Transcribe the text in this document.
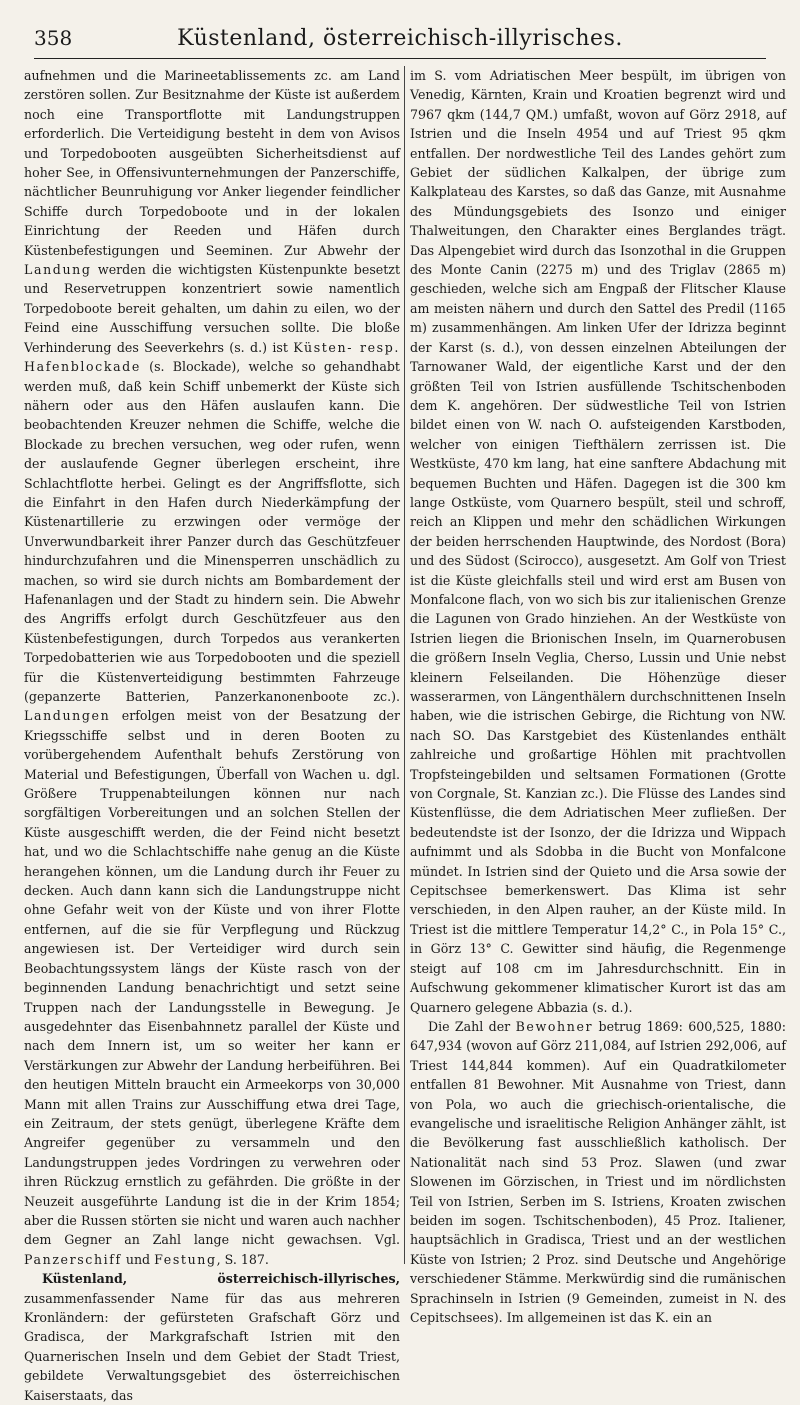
358	Küstenland, österreichisch-illyrisches.

aufnehmen und die Marineetablissements zc. am Land zerstören sollen. Zur Besitznahme der Küste ist außerdem noch eine Transportflotte mit Landungstruppen erforderlich. Die Verteidigung besteht in dem von Avisos und Torpedobooten ausgeübten Sicherheitsdienst auf hoher See, in Offensivunternehmungen der Panzerschiffe, nächtlicher Beunruhigung vor Anker liegender feindlicher Schiffe durch Torpedoboote und in der lokalen Einrichtung der Reeden und Häfen durch Küstenbefestigungen und Seeminen. Zur Abwehr der Landung werden die wichtigsten Küstenpunkte besetzt und Reservetruppen konzentriert sowie namentlich Torpedoboote bereit gehalten, um dahin zu eilen, wo der Feind eine Ausschiffung versuchen sollte. Die bloße Verhinderung des Seeverkehrs (s. d.) ist Küsten- resp. Hafenblockade (s. Blockade), welche so gehandhabt werden muß, daß kein Schiff unbemerkt der Küste sich nähern oder aus den Häfen auslaufen kann. Die beobachtenden Kreuzer nehmen die Schiffe, welche die Blockade zu brechen versuchen, weg oder rufen, wenn der auslaufende Gegner überlegen erscheint, ihre Schlachtflotte herbei. Gelingt es der Angriffsflotte, sich die Einfahrt in den Hafen durch Niederkämpfung der Küstenartillerie zu erzwingen oder vermöge der Unverwundbarkeit ihrer Panzer durch das Geschützfeuer hindurchzufahren und die Minensperren unschädlich zu machen, so wird sie durch nichts am Bombardement der Hafenanlagen und der Stadt zu hindern sein. Die Abwehr des Angriffs erfolgt durch Geschützfeuer aus den Küstenbefestigungen, durch Torpedos aus verankerten Torpedobatterien wie aus Torpedobooten und die speziell für die Küstenverteidigung bestimmten Fahrzeuge (gepanzerte Batterien, Panzerkanonenboote zc.). Landungen erfolgen meist von der Besatzung der Kriegsschiffe selbst und in deren Booten zu vorübergehendem Aufenthalt behufs Zerstörung von Material und Befestigungen, Überfall von Wachen u. dgl. Größere Truppenabteilungen können nur nach sorgfältigen Vorbereitungen und an solchen Stellen der Küste ausgeschifft werden, die der Feind nicht besetzt hat, und wo die Schlachtschiffe nahe genug an die Küste herangehen können, um die Landung durch ihr Feuer zu decken. Auch dann kann sich die Landungstruppe nicht ohne Gefahr weit von der Küste und von ihrer Flotte entfernen, auf die sie für Verpflegung und Rückzug angewiesen ist. Der Verteidiger wird durch sein Beobachtungssystem längs der Küste rasch von der beginnenden Landung benachrichtigt und setzt seine Truppen nach der Landungsstelle in Bewegung. Je ausgedehnter das Eisenbahnnetz parallel der Küste und nach dem Innern ist, um so weiter her kann er Verstärkungen zur Abwehr der Landung herbeiführen. Bei den heutigen Mitteln braucht ein Armeekorps von 30,000 Mann mit allen Trains zur Ausschiffung etwa drei Tage, ein Zeitraum, der stets genügt, überlegene Kräfte dem Angreifer gegenüber zu versammeln und den Landungstruppen jedes Vordringen zu verwehren oder ihren Rückzug ernstlich zu gefährden. Die größte in der Neuzeit ausgeführte Landung ist die in der Krim 1854; aber die Russen störten sie nicht und waren auch nachher dem Gegner an Zahl lange nicht gewachsen. Vgl. Panzerschiff und Festung, S. 187.

Küstenland, österreichisch-illyrisches, zusammenfassender Name für das aus mehreren Kronländern: der gefürsteten Grafschaft Görz und Gradisca, der Markgrafschaft Istrien mit den Quarnerischen Inseln und dem Gebiet der Stadt Triest, gebildete Verwaltungsgebiet des österreichischen Kaiserstaats, das

im S. vom Adriatischen Meer bespült, im übrigen von Venedig, Kärnten, Krain und Kroatien begrenzt wird und 7967 qkm (144,7 QM.) umfaßt, wovon auf Görz 2918, auf Istrien und die Inseln 4954 und auf Triest 95 qkm entfallen. Der nordwestliche Teil des Landes gehört zum Gebiet der südlichen Kalkalpen, der übrige zum Kalkplateau des Karstes, so daß das Ganze, mit Ausnahme des Mündungsgebiets des Isonzo und einiger Thalweitungen, den Charakter eines Berglandes trägt. Das Alpengebiet wird durch das Isonzothal in die Gruppen des Monte Canin (2275 m) und des Triglav (2865 m) geschieden, welche sich am Engpaß der Flitscher Klause am meisten nähern und durch den Sattel des Predil (1165 m) zusammenhängen. Am linken Ufer der Idrizza beginnt der Karst (s. d.), von dessen einzelnen Abteilungen der Tarnowaner Wald, der eigentliche Karst und der den größten Teil von Istrien ausfüllende Tschitschenboden dem K. angehören. Der südwestliche Teil von Istrien bildet einen von W. nach O. aufsteigenden Karstboden, welcher von einigen Tiefthälern zerrissen ist. Die Westküste, 470 km lang, hat eine sanftere Abdachung mit bequemen Buchten und Häfen. Dagegen ist die 300 km lange Ostküste, vom Quarnero bespült, steil und schroff, reich an Klippen und mehr den schädlichen Wirkungen der beiden herrschenden Hauptwinde, des Nordost (Bora) und des Südost (Scirocco), ausgesetzt. Am Golf von Triest ist die Küste gleichfalls steil und wird erst am Busen von Monfalcone flach, von wo sich bis zur italienischen Grenze die Lagunen von Grado hinziehen. An der Westküste von Istrien liegen die Brionischen Inseln, im Quarnerobusen die größern Inseln Veglia, Cherso, Lussin und Unie nebst kleinern Felseilanden. Die Höhenzüge dieser wasserarmen, von Längenthälern durchschnittenen Inseln haben, wie die istrischen Gebirge, die Richtung von NW. nach SO. Das Karstgebiet des Küstenlandes enthält zahlreiche und großartige Höhlen mit prachtvollen Tropfsteingebilden und seltsamen Formationen (Grotte von Corgnale, St. Kanzian zc.). Die Flüsse des Landes sind Küstenflüsse, die dem Adriatischen Meer zufließen. Der bedeutendste ist der Isonzo, der die Idrizza und Wippach aufnimmt und als Sdobba in die Bucht von Monfalcone mündet. In Istrien sind der Quieto und die Arsa sowie der Cepitschsee bemerkenswert. Das Klima ist sehr verschieden, in den Alpen rauher, an der Küste mild. In Triest ist die mittlere Temperatur 14,2° C., in Pola 15° C., in Görz 13° C. Gewitter sind häufig, die Regenmenge steigt auf 108 cm im Jahresdurchschnitt. Ein in Aufschwung gekommener klimatischer Kurort ist das am Quarnero gelegene Abbazia (s. d.).

Die Zahl der Bewohner betrug 1869: 600,525, 1880: 647,934 (wovon auf Görz 211,084, auf Istrien 292,006, auf Triest 144,844 kommen). Auf ein Quadratkilometer entfallen 81 Bewohner. Mit Ausnahme von Triest, dann von Pola, wo auch die griechisch-orientalische, die evangelische und israelitische Religion Anhänger zählt, ist die Bevölkerung fast ausschließlich katholisch. Der Nationalität nach sind 53 Proz. Slawen (und zwar Slowenen im Görzischen, in Triest und im nördlichsten Teil von Istrien, Serben im S. Istriens, Kroaten zwischen beiden im sogen. Tschitschenboden), 45 Proz. Italiener, hauptsächlich in Gradisca, Triest und an der westlichen Küste von Istrien; 2 Proz. sind Deutsche und Angehörige verschiedener Stämme. Merkwürdig sind die rumänischen Sprachinseln in Istrien (9 Gemeinden, zumeist in N. des Cepitschsees). Im allgemeinen ist das K. ein an
